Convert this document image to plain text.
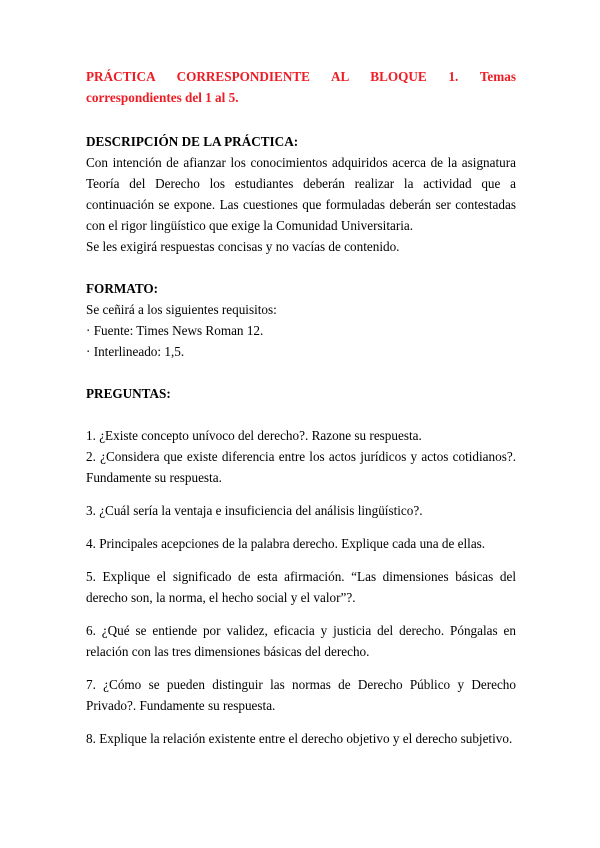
PRÁCTICA CORRESPONDIENTE AL BLOQUE 1. Temas correspondientes del 1 al 5.

DESCRIPCIÓN DE LA PRÁCTICA:

Con intención de afianzar los conocimientos adquiridos acerca de la asignatura Teoría del Derecho los estudiantes deberán realizar la actividad que a continuación se expone. Las cuestiones que formuladas deberán ser contestadas con el rigor lingüístico que exige la Comunidad Universitaria.

Se les exigirá respuestas concisas y no vacías de contenido.

FORMATO:

Se ceñirá a los siguientes requisitos:

· Fuente: Times News Roman 12.

· Interlineado: 1,5.

PREGUNTAS:

1. ¿Existe concepto unívoco del derecho?. Razone su respuesta.

2. ¿Considera que existe diferencia entre los actos jurídicos y actos cotidianos?. Fundamente su respuesta.

3. ¿Cuál sería la ventaja e insuficiencia del análisis lingüístico?.

4. Principales acepciones de la palabra derecho. Explique cada una de ellas.

5. Explique el significado de esta afirmación. “Las dimensiones básicas del derecho son, la norma, el hecho social y el valor”?.

6. ¿Qué se entiende por validez, eficacia y justicia del derecho. Póngalas en relación con las tres dimensiones básicas del derecho.

7. ¿Cómo se pueden distinguir las normas de Derecho Público y Derecho Privado?. Fundamente su respuesta.

8. Explique la relación existente entre el derecho objetivo y el derecho subjetivo.
